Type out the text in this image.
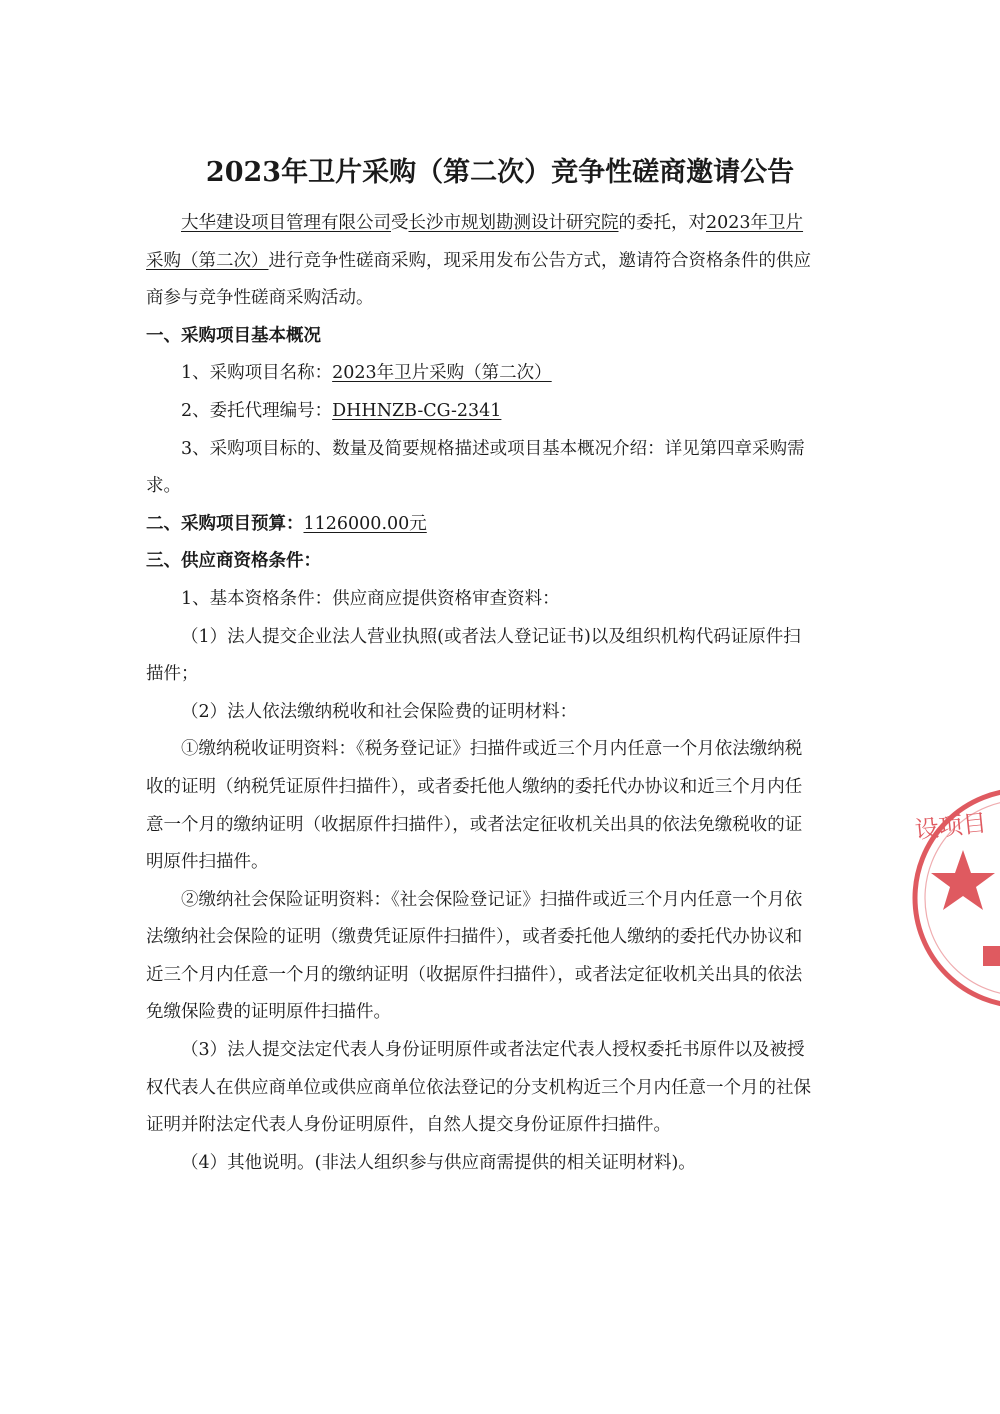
2023年卫片采购（第二次）竞争性磋商邀请公告

大华建设项目管理有限公司受长沙市规划勘测设计研究院的委托，对2023年卫片采购（第二次）进行竞争性磋商采购，现采用发布公告方式，邀请符合资格条件的供应商参与竞争性磋商采购活动。

一、采购项目基本概况

1、采购项目名称：2023年卫片采购（第二次）

2、委托代理编号：DHHNZB-CG-2341

3、采购项目标的、数量及简要规格描述或项目基本概况介绍：详见第四章采购需求。

二、采购项目预算：1126000.00元

三、供应商资格条件：

1、基本资格条件：供应商应提供资格审查资料：

（1）法人提交企业法人营业执照(或者法人登记证书)以及组织机构代码证原件扫描件；

（2）法人依法缴纳税收和社会保险费的证明材料：

①缴纳税收证明资料：《税务登记证》扫描件或近三个月内任意一个月依法缴纳税收的证明（纳税凭证原件扫描件），或者委托他人缴纳的委托代办协议和近三个月内任意一个月的缴纳证明（收据原件扫描件），或者法定征收机关出具的依法免缴税收的证明原件扫描件。

②缴纳社会保险证明资料：《社会保险登记证》扫描件或近三个月内任意一个月依法缴纳社会保险的证明（缴费凭证原件扫描件），或者委托他人缴纳的委托代办协议和近三个月内任意一个月的缴纳证明（收据原件扫描件），或者法定征收机关出具的依法免缴保险费的证明原件扫描件。

（3）法人提交法定代表人身份证明原件或者法定代表人授权委托书原件以及被授权代表人在供应商单位或供应商单位依法登记的分支机构近三个月内任意一个月的社保证明并附法定代表人身份证明原件，自然人提交身份证原件扫描件。

（4）其他说明。(非法人组织参与供应商需提供的相关证明材料)。

设项目
